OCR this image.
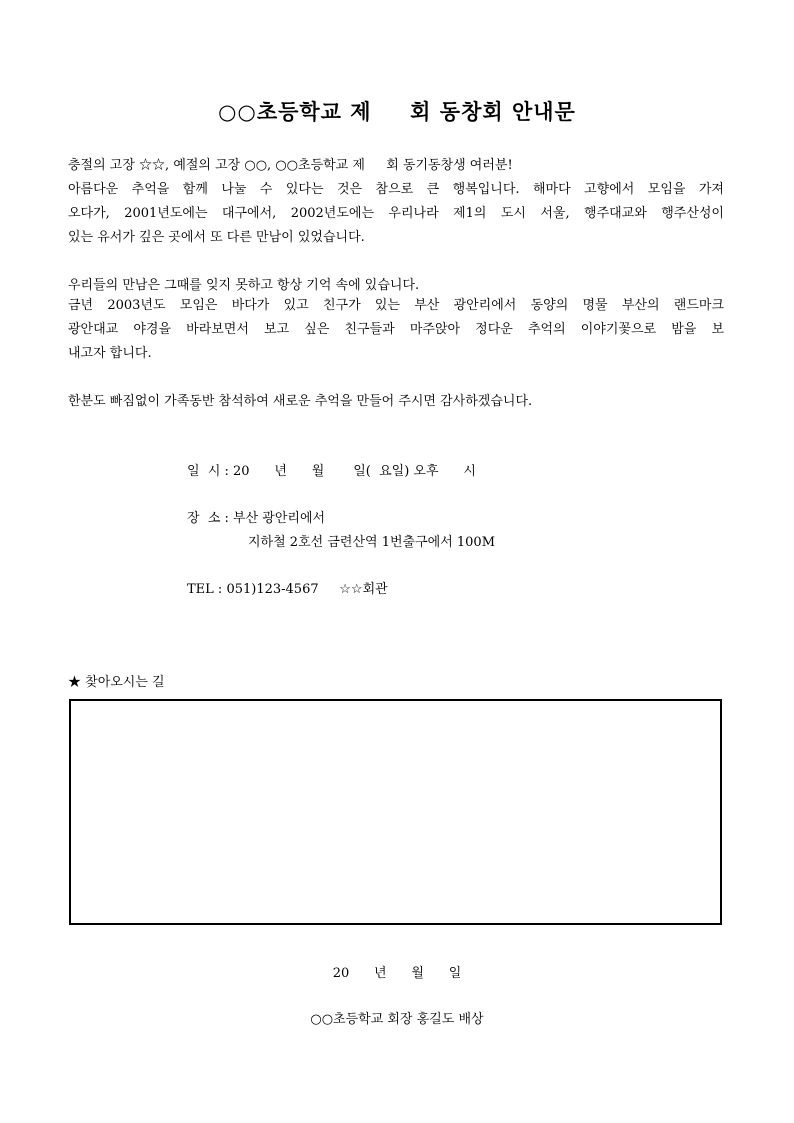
○○초등학교 제 　 회 동창회 안내문
충절의 고장 ☆☆, 예절의 고장 ○○, ○○초등학교 제 　 회 동기동창생 여러분!
아름다운 추억을 함께 나눌 수 있다는 것은 참으로 큰 행복입니다. 해마다 고향에서 모임을 가져
오다가, 2001년도에는 대구에서, 2002년도에는 우리나라 제1의 도시 서울, 행주대교와 행주산성이
있는 유서가 깊은 곳에서 또 다른 만남이 있었습니다.
우리들의 만남은 그때를 잊지 못하고 항상 기억 속에 있습니다.
금년 2003년도 모임은 바다가 있고 친구가 있는 부산 광안리에서 동양의 명물 부산의 랜드마크
광안대교 야경을 바라보면서 보고 싶은 친구들과 마주앉아 정다운 추억의 이야기꽃으로 밤을 보
내고자 합니다.
한분도 빠짐없이 가족동반 참석하여 새로운 추억을 만들어 주시면 감사하겠습니다.
일  시 : 20      년      월       일(  요일) 오후      시
장  소 : 부산 광안리에서
지하철 2호선 금련산역 1번출구에서 100M
TEL : 051)123-4567     ☆☆회관
★ 찾아오시는 길
20      년      월      일
○○초등학교 회장 홍길도 배상
